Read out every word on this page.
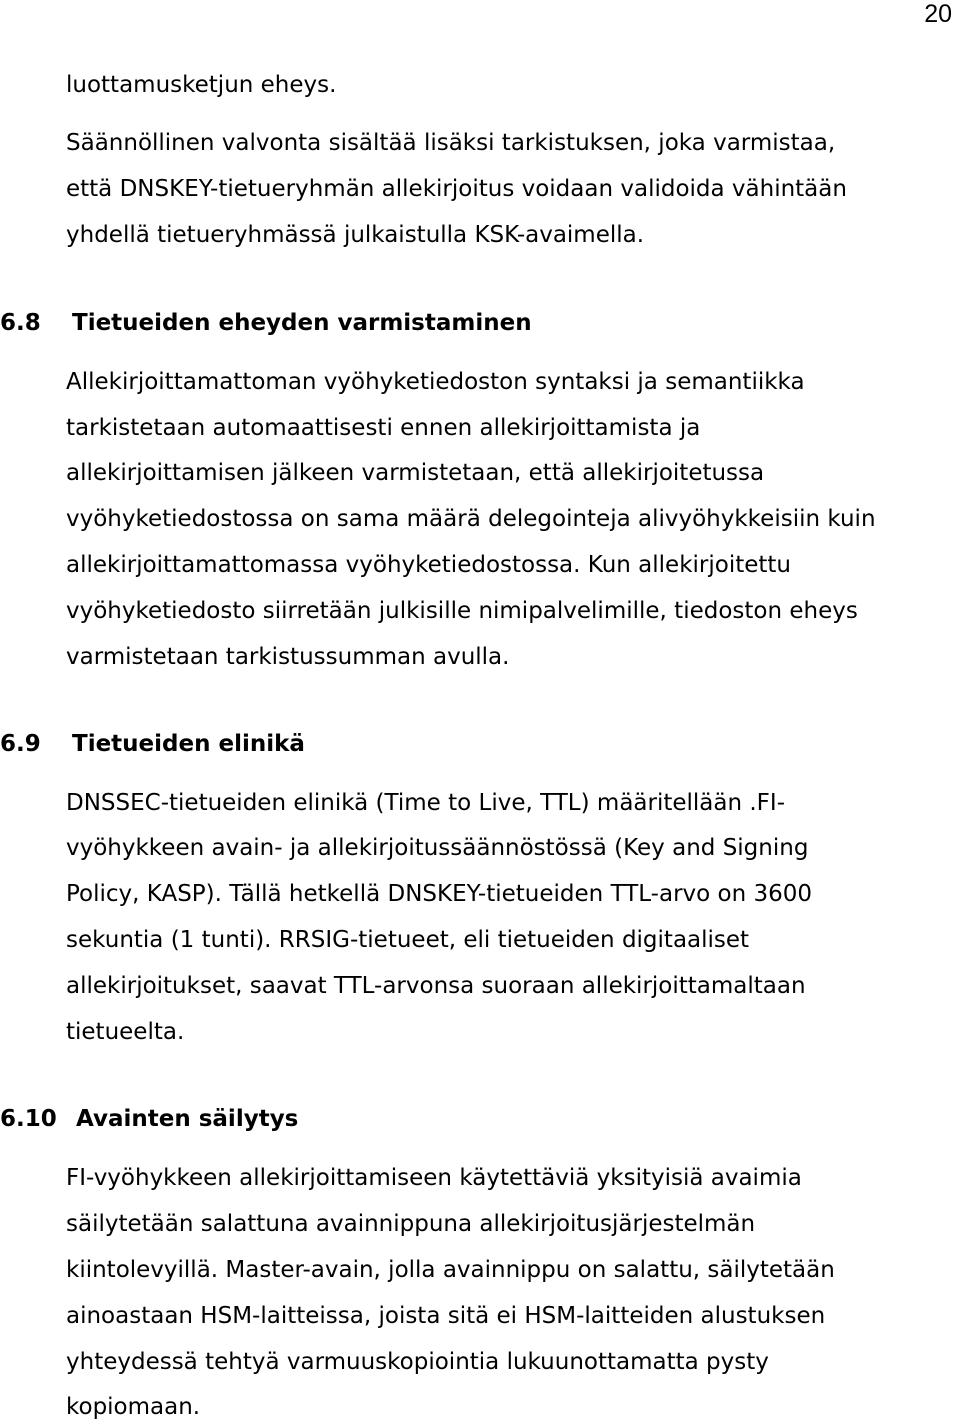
20
luottamusketjun eheys.
Säännöllinen valvonta sisältää lisäksi tarkistuksen, joka varmistaa,
että DNSKEY-tietueryhmän allekirjoitus voidaan validoida vähintään
yhdellä tietueryhmässä julkaistulla KSK-avaimella.
6.8 Tietueiden eheyden varmistaminen
Allekirjoittamattoman vyöhyketiedoston syntaksi ja semantiikka
tarkistetaan automaattisesti ennen allekirjoittamista ja
allekirjoittamisen jälkeen varmistetaan, että allekirjoitetussa
vyöhyketiedostossa on sama määrä delegointeja alivyöhykkeisiin kuin
allekirjoittamattomassa vyöhyketiedostossa. Kun allekirjoitettu
vyöhyketiedosto siirretään julkisille nimipalvelimille, tiedoston eheys
varmistetaan tarkistussumman avulla.
6.9 Tietueiden elinikä
DNSSEC-tietueiden elinikä (Time to Live, TTL) määritellään .FI-
vyöhykkeen avain- ja allekirjoitussäännöstössä (Key and Signing
Policy, KASP). Tällä hetkellä DNSKEY-tietueiden TTL-arvo on 3600
sekuntia (1 tunti). RRSIG-tietueet, eli tietueiden digitaaliset
allekirjoitukset, saavat TTL-arvonsa suoraan allekirjoittamaltaan
tietueelta.
6.10 Avainten säilytys
FI-vyöhykkeen allekirjoittamiseen käytettäviä yksityisiä avaimia
säilytetään salattuna avainnippuna allekirjoitusjärjestelmän
kiintolevyillä. Master-avain, jolla avainnippu on salattu, säilytetään
ainoastaan HSM-laitteissa, joista sitä ei HSM-laitteiden alustuksen
yhteydessä tehtyä varmuuskopiointia lukuunottamatta pysty
kopiomaan.
